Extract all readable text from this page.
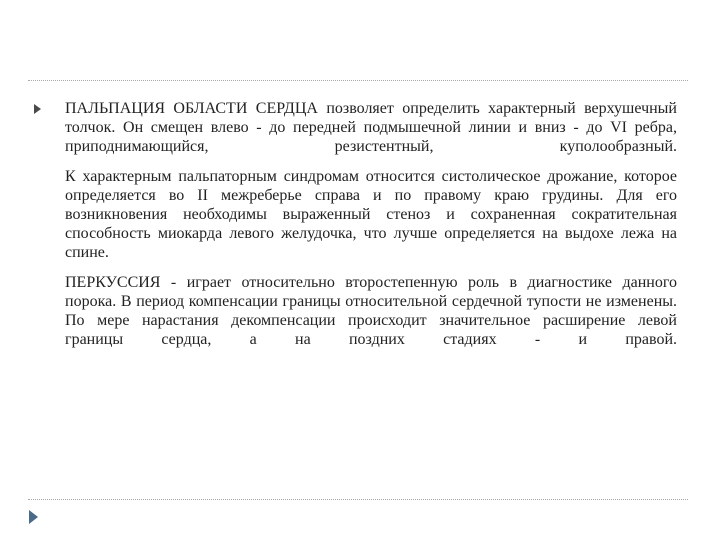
ПАЛЬПАЦИЯ ОБЛАСТИ СЕРДЦА позволяет определить характерный верхушечный толчок. Он смещен влево - до передней подмышечной линии и вниз - до VI ребра, приподнимающийся, резистентный, куполообразный.

К характерным пальпаторным синдромам относится систолическое дрожание, которое определяется во II межреберье справа и по правому краю грудины. Для его возникновения необходимы выраженный стеноз и сохраненная сократительная способность миокарда левого желудочка, что лучше определяется на выдохе лежа на спине.

ПЕРКУССИЯ - играет относительно второстепенную роль в диагностике данного порока. В период компенсации границы относительной сердечной тупости не изменены. По мере нарастания декомпенсации происходит значительное расширение левой границы сердца, а на поздних стадиях - и правой.
